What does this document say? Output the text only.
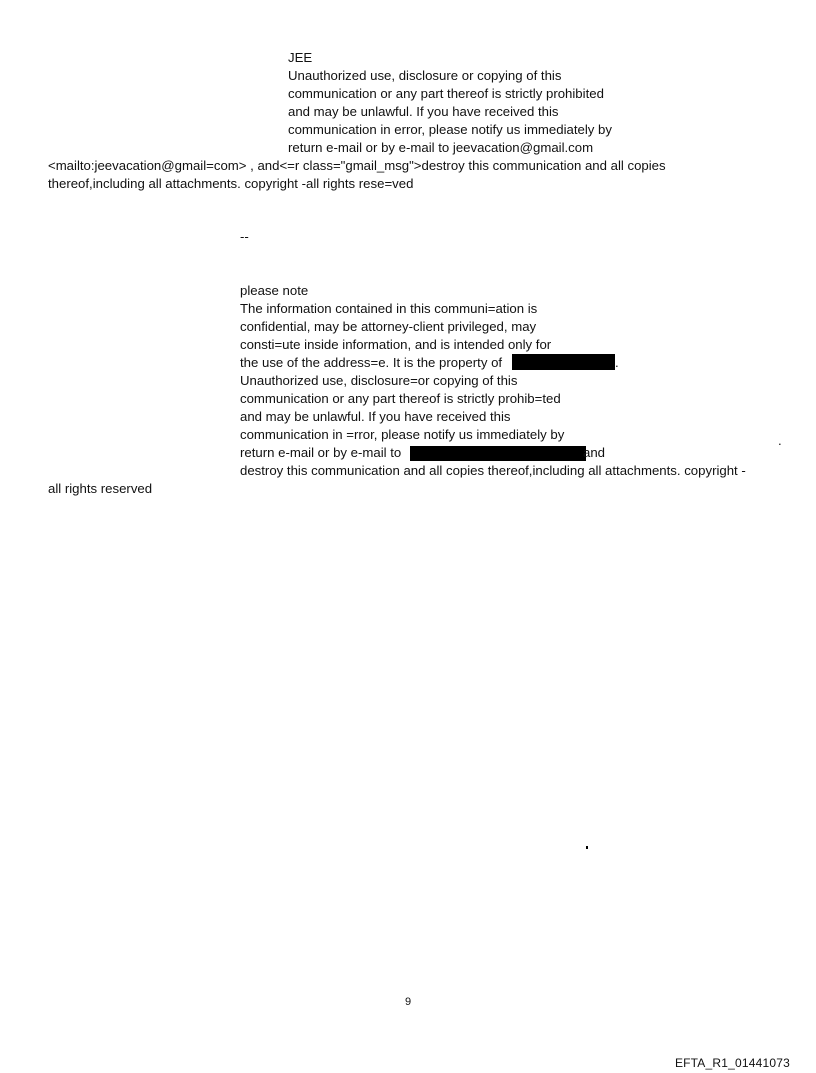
JEE
Unauthorized use, disclosure or copying of this
communication or any part thereof is strictly prohibited
and may be unlawful. If you have received this
communication in error, please notify us immediately by
return e-mail or by e-mail to jeevacation@gmail.com
<mailto:jeevacation@gmail=com> , and<=r class="gmail_msg">destroy this communication and all copies
thereof,including all attachments. copyright -all rights rese=ved
--
please note
The information contained in this communi=ation is
confidential, may be attorney-client privileged, may
consti=ute inside information, and is intended only for
the use of the address=e. It is the property of	.
Unauthorized use, disclosure=or copying of this
communication or any part thereof is strictly prohib=ted
and may be unlawful. If you have received this
communication in =rror, please notify us immediately by	.
return e-mail or by e-mail to	and
destroy this communication and all copies thereof,including all attachments. copyright -
all rights reserved
9
EFTA_R1_01441073
